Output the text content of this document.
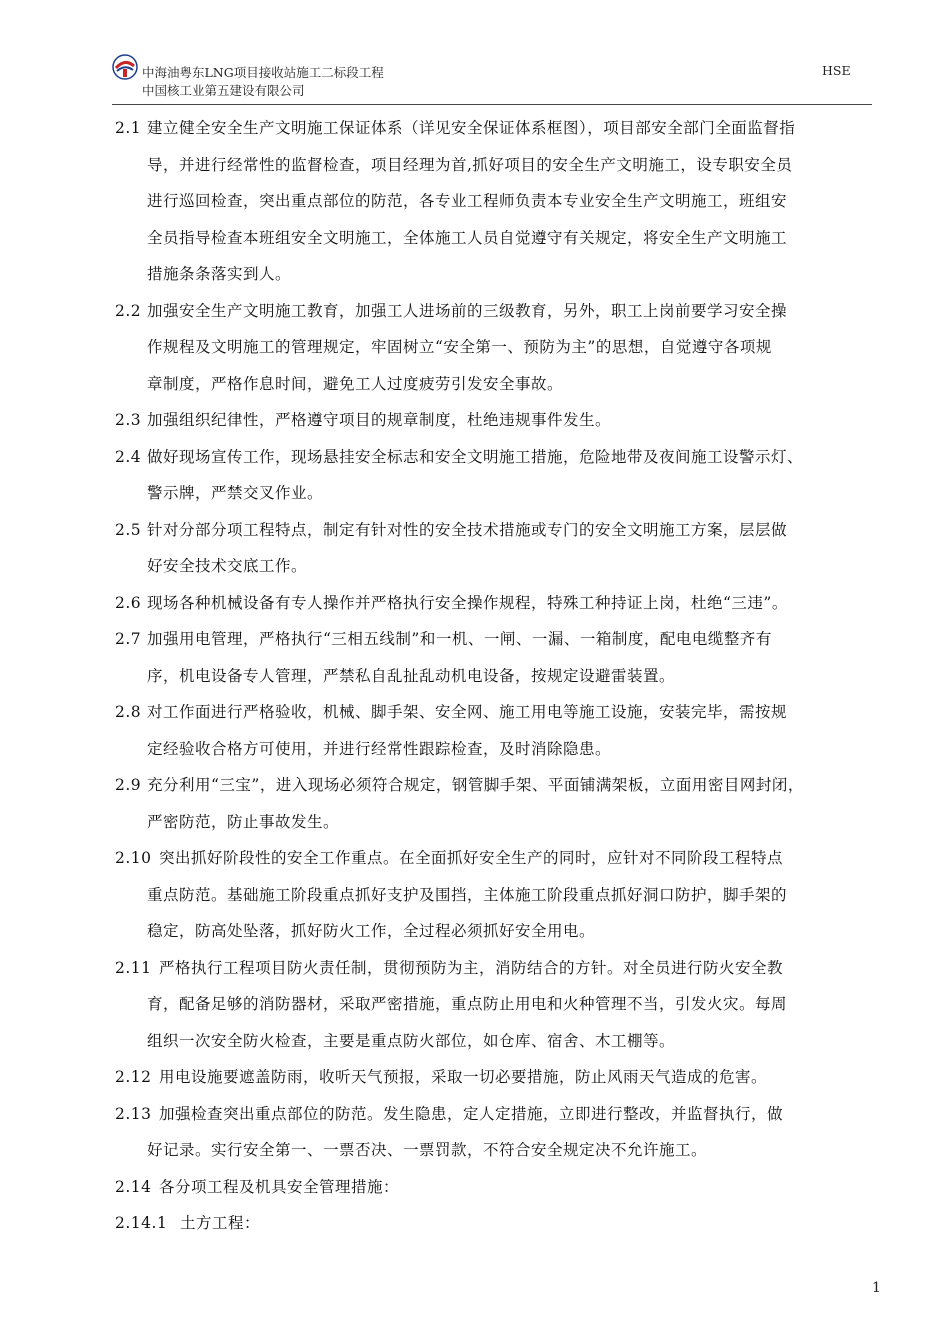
中海油粤东LNG项目接收站施工二标段工程	HSE
中国核工业第五建设有限公司
2.1 建立健全安全生产文明施工保证体系（详见安全保证体系框图），项目部安全部门全面监督指
导，并进行经常性的监督检查，项目经理为首,抓好项目的安全生产文明施工，设专职安全员
进行巡回检查，突出重点部位的防范，各专业工程师负责本专业安全生产文明施工，班组安
全员指导检查本班组安全文明施工，全体施工人员自觉遵守有关规定，将安全生产文明施工
措施条条落实到人。
2.2 加强安全生产文明施工教育，加强工人进场前的三级教育，另外，职工上岗前要学习安全操
作规程及文明施工的管理规定，牢固树立“安全第一、预防为主”的思想，自觉遵守各项规
章制度，严格作息时间，避免工人过度疲劳引发安全事故。
2.3 加强组织纪律性，严格遵守项目的规章制度，杜绝违规事件发生。
2.4 做好现场宣传工作，现场悬挂安全标志和安全文明施工措施，危险地带及夜间施工设警示灯、
警示牌，严禁交叉作业。
2.5 针对分部分项工程特点，制定有针对性的安全技术措施或专门的安全文明施工方案，层层做
好安全技术交底工作。
2.6 现场各种机械设备有专人操作并严格执行安全操作规程，特殊工种持证上岗，杜绝“三违”。
2.7 加强用电管理，严格执行“三相五线制”和一机、一闸、一漏、一箱制度，配电电缆整齐有
序，机电设备专人管理，严禁私自乱扯乱动机电设备，按规定设避雷装置。
2.8 对工作面进行严格验收，机械、脚手架、安全网、施工用电等施工设施，安装完毕，需按规
定经验收合格方可使用，并进行经常性跟踪检查，及时消除隐患。
2.9 充分利用“三宝”，进入现场必须符合规定，钢管脚手架、平面铺满架板，立面用密目网封闭，
严密防范，防止事故发生。
2.10 突出抓好阶段性的安全工作重点。在全面抓好安全生产的同时，应针对不同阶段工程特点
重点防范。基础施工阶段重点抓好支护及围挡，主体施工阶段重点抓好洞口防护，脚手架的
稳定，防高处坠落，抓好防火工作，全过程必须抓好安全用电。
2.11 严格执行工程项目防火责任制，贯彻预防为主，消防结合的方针。对全员进行防火安全教
育，配备足够的消防器材，采取严密措施，重点防止用电和火种管理不当，引发火灾。每周
组织一次安全防火检查，主要是重点防火部位，如仓库、宿舍、木工棚等。
2.12 用电设施要遮盖防雨，收听天气预报，采取一切必要措施，防止风雨天气造成的危害。
2.13 加强检查突出重点部位的防范。发生隐患，定人定措施，立即进行整改，并监督执行，做
好记录。实行安全第一、一票否决、一票罚款，不符合安全规定决不允许施工。
2.14 各分项工程及机具安全管理措施：
2.14.1 土方工程：
1
